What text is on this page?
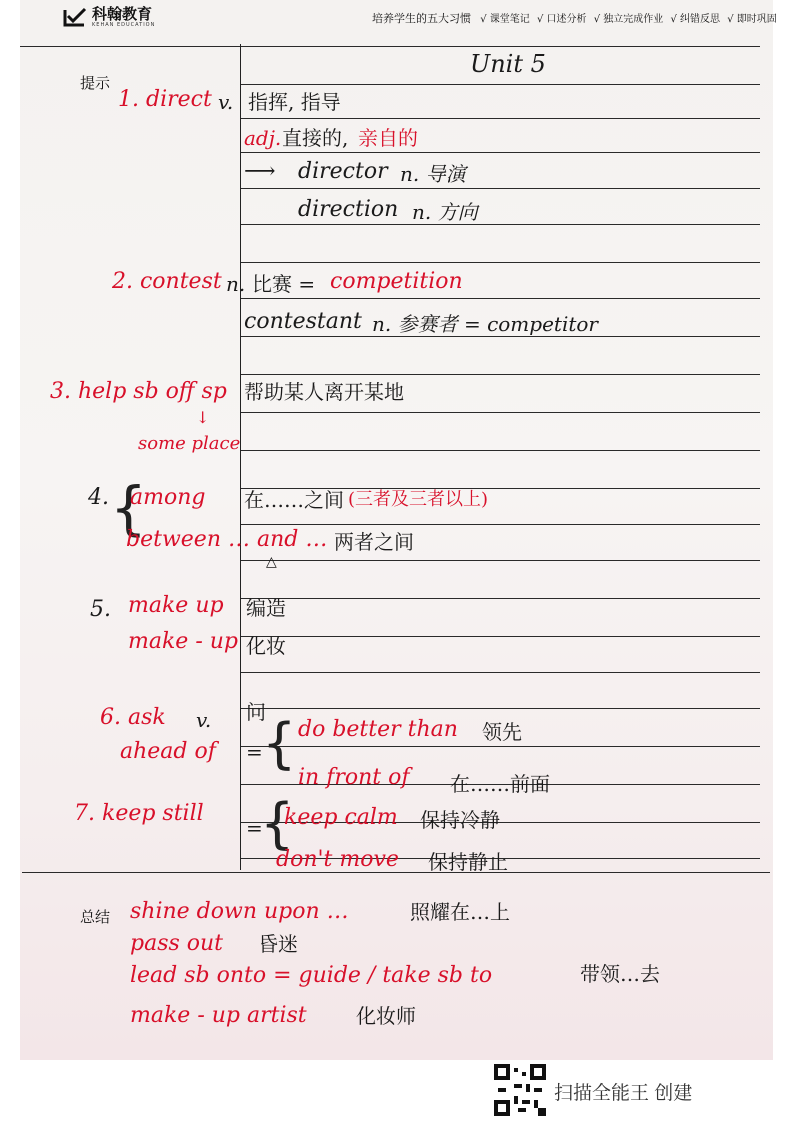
科翰教育
KEHAN EDUCATION	培养学生的五大习惯 √ 课堂笔记 √ 口述分析 √ 独立完成作业 √ 纠错反思 √ 即时巩固
提示
总结
Unit 5
1. direct v. 指挥, 指导
adj. 直接的, 亲自的
⟶ director n. 导演
direction n. 方向
2. contest n. 比赛 = competition
contestant n. 参赛者 = competitor
3. help sb off sp
↓
some place
帮助某人离开某地
4. {
among
between … and …
在……之间 (三者及三者以上)
两者之间
△
5. make up
make - up
编造
化妆
6. ask v. 问
ahead of = { do better than 领先
in front of 在……前面
7. keep still
=
{
keep calm 保持冷静
don't move 保持静止
shine down upon …	照耀在…上
pass out 昏迷
lead sb onto = guide / take sb to	带领…去
make - up artist 化妆师
扫描全能王 创建
